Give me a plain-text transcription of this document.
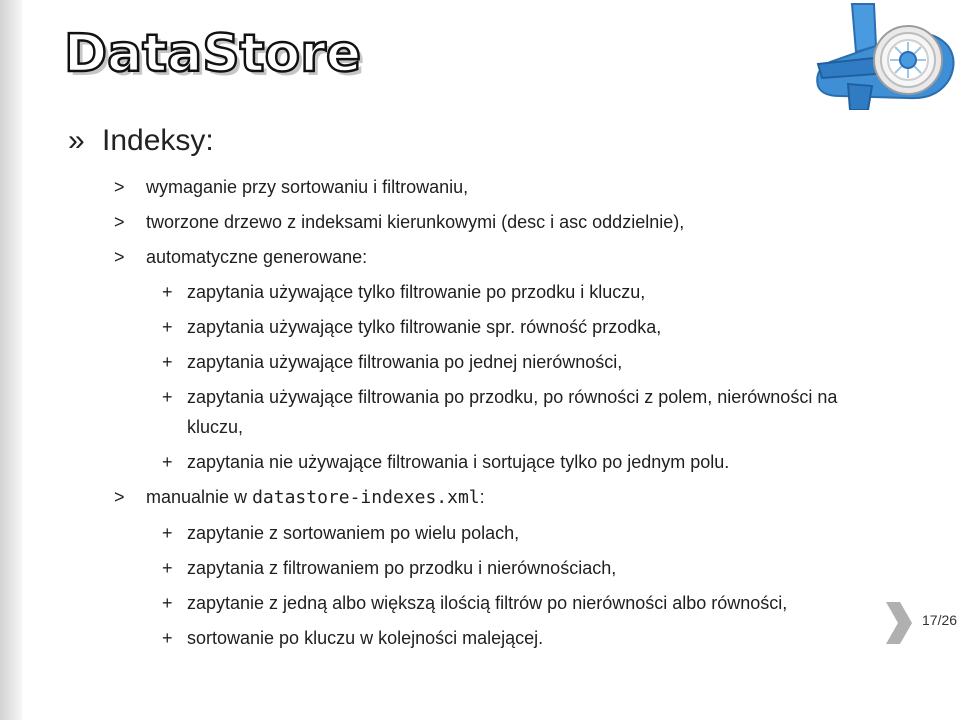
DataStore
» Indeksy:
>	wymaganie przy sortowaniu i filtrowaniu,
>	tworzone drzewo z indeksami kierunkowymi (desc i asc oddzielnie),
>	automatyczne generowane:
+ zapytania używające tylko filtrowanie po przodku i kluczu,
+ zapytania używające tylko filtrowanie spr. równość przodka,
+ zapytania używające filtrowania po jednej nierówności,
+ zapytania używające filtrowania po przodku, po równości z polem, nierówności na kluczu,
+ zapytania nie używające filtrowania i sortujące tylko po jednym polu.
>	manualnie w datastore-indexes.xml:
+ zapytanie z sortowaniem po wielu polach,
+ zapytania z filtrowaniem po przodku i nierównościach,
+ zapytanie z jedną albo większą ilością filtrów po nierówności albo równości,
+ sortowanie po kluczu w kolejności malejącej.
17/26
